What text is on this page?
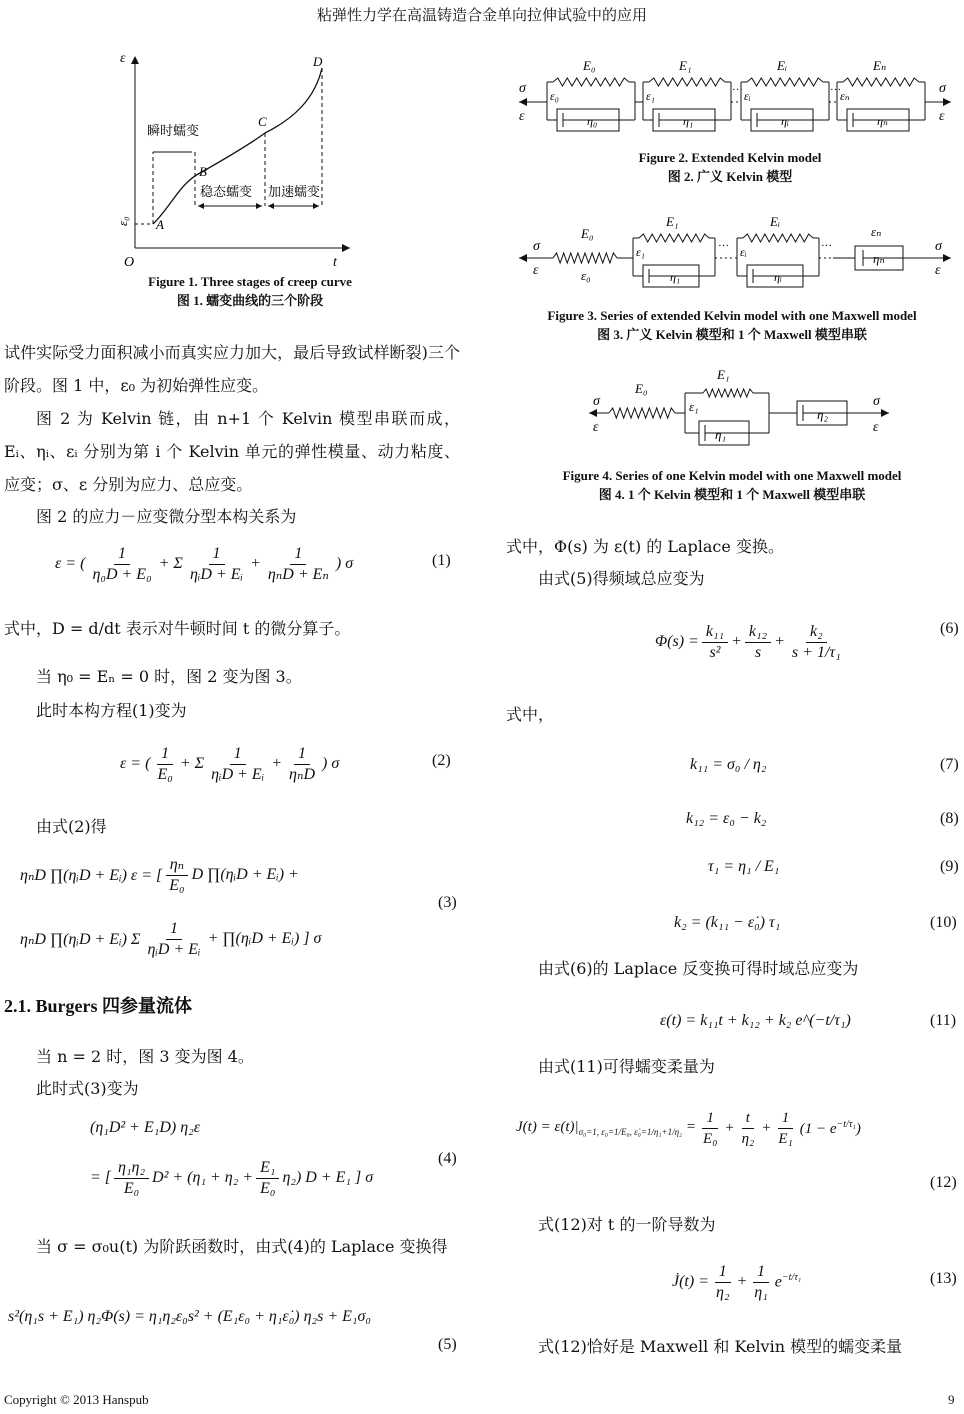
粘弹性力学在高温铸造合金单向拉伸试验中的应用
ε
t
O
ε₀ A
B
C
D
瞬时蠕变
稳态蠕变 加速蠕变
Figure 1. Three stages of creep curve
图 1. 蠕变曲线的三个阶段
试件实际受力面积减小而真实应力加大，最后导致试样断裂)三个阶段。图 1 中，ε₀ 为初始弹性应变。
图 2 为 Kelvin 链，由 n+1 个 Kelvin 模型串联而成，Eᵢ、ηᵢ、εᵢ 分别为第 i 个 Kelvin 单元的弹性模量、动力粘度、应变；σ、ε 分别为应力、总应变。
图 2 的应力－应变微分型本构关系为
ε = ( $\frac{1}{\text{η₀D + E₀}} + \Sigma \frac{1}{\text{ηᵢD + Eᵢ}} + \frac{1}{\text{ηₙD + Eₙ}}$ ) σ	(1)
式中，D = d/dt 表示对牛顿时间 t 的微分算子。
当 η₀ = Eₙ = 0 时，图 2 变为图 3。
此时本构方程(1)变为
ε = ( $\frac{1}{\text{E₀}} + \Sigma \frac{1}{\text{ηᵢD + Eᵢ}} + \frac{1}{\text{ηₙD}}$ ) σ	(2)
由式(2)得
ηₙD ∏(ηᵢD + Eᵢ) ε = [ $\frac{\text{ηₙ}}{\text{E₀}}$ D ∏(ηᵢD + Eᵢ) +
ηₙD ∏(ηᵢD + Eᵢ) Σ $\frac{1}{\text{ηᵢD + Eᵢ}}$ + ∏(ηᵢD + Eᵢ) ] σ
(3)
2.1. Burgers 四参量流体
当 n = 2 时，图 3 变为图 4。
此时式(3)变为
(η₁D² + E₁D) η₂ε
= [ $\frac{\text{η₁η₂}}{\text{E₀}} D^2 + (\eta_1 + \eta_2 + \frac{\text{E₁}}{\text{E₀}} \eta_2) D + E_1$ ] σ
(4)
当 σ = σ₀u(t) 为阶跃函数时，由式(4)的 Laplace 变换得
s²(η₁s + E₁) η₂Φ(s) = η₁η₂ε₀s² + (E₁ε₀ + η₁ε̇₀) η₂s + E₁σ₀
(5)
σ
ε
E₀
ε₀
η₀
E₁
ε₁
η₁
…
Eᵢ
εᵢ
ηᵢ
…
Eₙ
εₙ
ηₙ
σ
ε
Figure 2. Extended Kelvin model
图 2. 广义 Kelvin 模型
σ
ε
E₀
ε₀
E₁
ε₁
η₁
…
Eᵢ
εᵢ
ηᵢ
…
ηₙ
εₙ
σ
ε
Figure 3. Series of extended Kelvin model with one Maxwell model
图 3. 广义 Kelvin 模型和 1 个 Maxwell 模型串联
σ
ε
E₀
E₁
ε₁
η₁
η₂
σ
ε
Figure 4. Series of one Kelvin model with one Maxwell model
图 4. 1 个 Kelvin 模型和 1 个 Maxwell 模型串联
式中，Φ(s) 为 ε(t) 的 Laplace 变换。
由式(5)得频域总应变为
$\Phi(s) = \frac{\text{k₁₁}}{\text{s²}} + \frac{\text{k₁₂}}{s} + \frac{\text{k₂}}{\text{s + 1/τ₁}}$	(6)
式中，
k₁₁ = σ₀ / η₂	(7)
k₁₂ = ε₀ − k₂	(8)
τ₁ = η₁ / E₁	(9)
k₂ = (k₁₁ − ε̇₀) τ₁	(10)
由式(6)的 Laplace 反变换可得时域总应变为
ε(t) = k₁₁t + k₁₂ + k₂ e^(−t/τ₁)	(11)
由式(11)可得蠕变柔量为
$J(t) = \varepsilon(t)|_{\sigma_0=1, \varepsilon_0=1/E_0, \varepsiloṅ_0=1/\eta_1+1/\eta_2} = \frac{1}{\text{E₀}} + \frac{t}{\text{η₂}} + \frac{1}{\text{E₁}} (1 - e^{-t/\tau_1})$
(12)
式(12)对 t 的一阶导数为
J̇(t) = $\frac{1}{\text{η₂}} + \frac{1}{\text{η₁}} e^{-t/\tau_1}$	(13)
式(12)恰好是 Maxwell 和 Kelvin 模型的蠕变柔量
Copyright © 2013 Hanspub	9
